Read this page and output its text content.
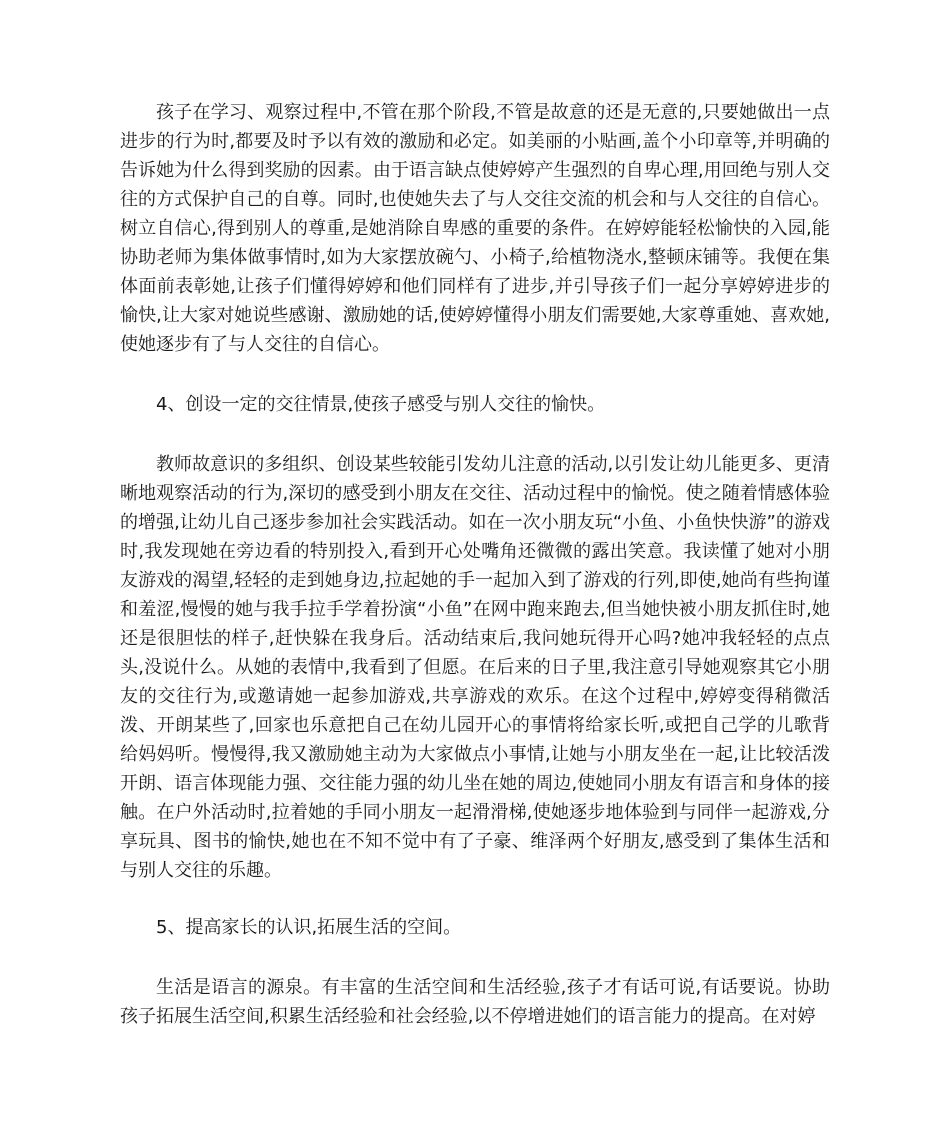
孩子在学习、观察过程中,不管在那个阶段,不管是故意的还是无意的,只要她做出一点进步的行为时,都要及时予以有效的激励和必定。如美丽的小贴画,盖个小印章等,并明确的告诉她为什么得到奖励的因素。由于语言缺点使婷婷产生强烈的自卑心理,用回绝与别人交往的方式保护自己的自尊。同时,也使她失去了与人交往交流的机会和与人交往的自信心。树立自信心,得到别人的尊重,是她消除自卑感的重要的条件。在婷婷能轻松愉快的入园,能协助老师为集体做事情时,如为大家摆放碗勺、小椅子,给植物浇水,整顿床铺等。我便在集体面前表彰她,让孩子们懂得婷婷和他们同样有了进步,并引导孩子们一起分享婷婷进步的愉快,让大家对她说些感谢、激励她的话,使婷婷懂得小朋友们需要她,大家尊重她、喜欢她,使她逐步有了与人交往的自信心。

4、创设一定的交往情景,使孩子感受与别人交往的愉快。

教师故意识的多组织、创设某些较能引发幼儿注意的活动,以引发让幼儿能更多、更清晰地观察活动的行为,深切的感受到小朋友在交往、活动过程中的愉悦。使之随着情感体验的增强,让幼儿自己逐步参加社会实践活动。如在一次小朋友玩“小鱼、小鱼快快游”的游戏时,我发现她在旁边看的特别投入,看到开心处嘴角还微微的露出笑意。我读懂了她对小朋友游戏的渴望,轻轻的走到她身边,拉起她的手一起加入到了游戏的行列,即使,她尚有些拘谨和羞涩,慢慢的她与我手拉手学着扮演“小鱼”在网中跑来跑去,但当她快被小朋友抓住时,她还是很胆怯的样子,赶快躲在我身后。活动结束后,我问她玩得开心吗?她冲我轻轻的点点头,没说什么。从她的表情中,我看到了但愿。在后来的日子里,我注意引导她观察其它小朋友的交往行为,或邀请她一起参加游戏,共享游戏的欢乐。在这个过程中,婷婷变得稍微活泼、开朗某些了,回家也乐意把自己在幼儿园开心的事情将给家长听,或把自己学的儿歌背给妈妈听。慢慢得,我又激励她主动为大家做点小事情,让她与小朋友坐在一起,让比较活泼开朗、语言体现能力强、交往能力强的幼儿坐在她的周边,使她同小朋友有语言和身体的接触。在户外活动时,拉着她的手同小朋友一起滑滑梯,使她逐步地体验到与同伴一起游戏,分享玩具、图书的愉快,她也在不知不觉中有了子豪、维泽两个好朋友,感受到了集体生活和与别人交往的乐趣。

5、提高家长的认识,拓展生活的空间。

生活是语言的源泉。有丰富的生活空间和生活经验,孩子才有话可说,有话要说。协助孩子拓展生活空间,积累生活经验和社会经验,以不停增进她们的语言能力的提高。在对婷
